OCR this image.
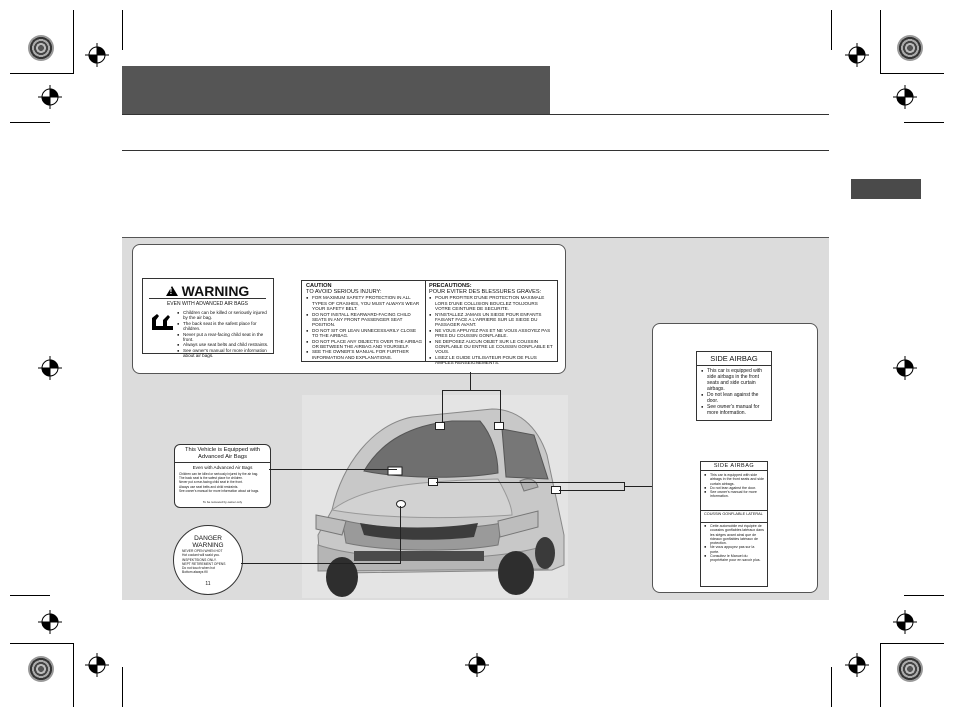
!
WARNING
EVEN WITH ADVANCED AIR BAGS
● Children can be killed or seriously injured by the air bag.
● The back seat is the safest place for children.
● Never put a rear-facing child seat in the front.
● Always use seat belts and child restraints.
● See owner's manual for more information about air bags.
CAUTION
TO AVOID SERIOUS INJURY:
● FOR MAXIMUM SAFETY PROTECTION IN ALL TYPES OF CRASHES, YOU MUST ALWAYS WEAR YOUR SAFETY BELT.
● DO NOT INSTALL REARWARD-FACING CHILD SEATS IN ANY FRONT PASSENGER SEAT POSITION.
● DO NOT SIT OR LEAN UNNECESSARILY CLOSE TO THE AIRBAG.
● DO NOT PLACE ANY OBJECTS OVER THE AIRBAG OR BETWEEN THE AIRBAG AND YOURSELF.
● SEE THE OWNER'S MANUAL FOR FURTHER INFORMATION AND EXPLANATIONS.
PRECAUTIONS:
POUR EVITER DES BLESSURES GRAVES:
● POUR PROFITER D'UNE PROTECTION MAXIMALE LORS D'UNE COLLISION BOUCLEZ TOUJOURS VOTRE CEINTURE DE SECURITE.
● N'INSTALLEZ JAMAIS UN SIEGE POUR ENFANTS FAISANT FACE A L'ARRIERE SUR LE SIEGE DU PASSAGER AVANT.
● NE VOUS APPUYEZ PAS ET NE VOUS ASSOYEZ PAS PRES DU COUSSIN GONFLABLE.
● NE DEPOSEZ AUCUN OBJET SUR LE COUSSIN GONFLABLE OU ENTRE LE COUSSIN GONFLABLE ET VOUS.
● LISEZ LE GUIDE UTILISATEUR POUR DE PLUS AMPLES RENSEIGNEMENTS.	SIDE AIRBAG
● This car is equipped with side airbags in the front seats and side curtain airbags.
● Do not lean against the door.
● See owner's manual for more information.
SIDE AIRBAG
● This car is equipped with side airbags in the front seats and side curtain airbags.
● Do not lean against the door.
● See owner's manual for more information.
COUSSIN GONFLABLE LATERAL
● Cette automobile est équipée de coussins gonflables latéraux dans les sièges avant ainsi que de rideaux gonflables latéraux de protection.
● Ne vous appuyez pas sur la porte.
● Consultez le Manuel du propriétaire pour en savoir plus.
This Vehicle is Equipped with
Advanced Air Bags
Even with Advanced Air Bags
Children can be killed or seriously injured by the air bag.
The back seat is the safest place for children.
Never put a rear-facing child seat in the front.
Always use seat belts and child restraints.
See owner's manual for more information about air bags.
To be removed by owner only
DANGER
WARNING
NEVER OPEN WHEN HOT
Hot coolant will scald you.
INSPEKTSIONS ONLY.
NEPT RETIREMENT OPENS
Do not touch when hot
Bottom always fill
11
